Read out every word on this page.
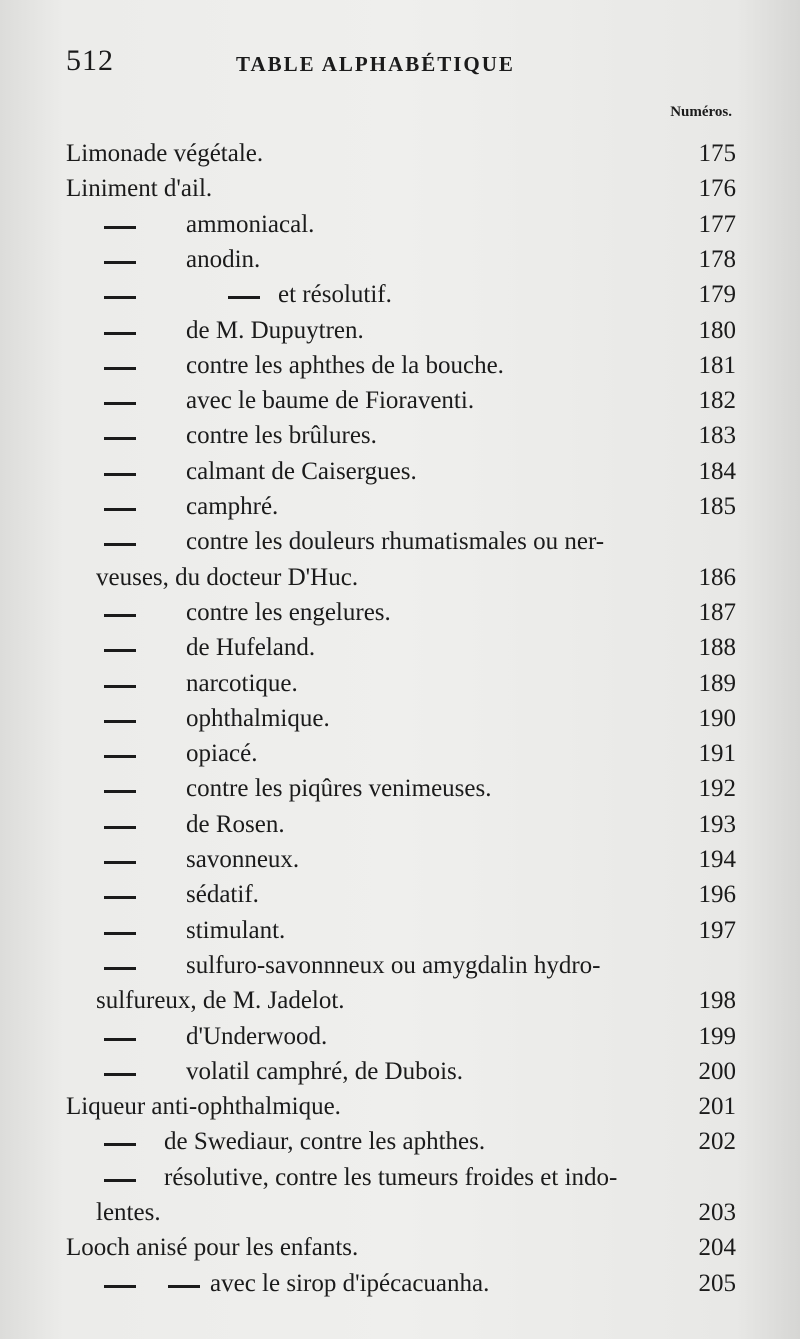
512	TABLE ALPHABÉTIQUE
Numéros.
Limonade végétale.	175
Liniment d'ail.	176
ammoniacal.	177
anodin.	178
et résolutif.	179
de M. Dupuytren.	180
contre les aphthes de la bouche.	181
avec le baume de Fioraventi.	182
contre les brûlures.	183
calmant de Caisergues.	184
camphré.	185
contre les douleurs rhumatismales ou ner-
veuses, du docteur D'Huc.	186
contre les engelures.	187
de Hufeland.	188
narcotique.	189
ophthalmique.	190
opiacé.	191
contre les piqûres venimeuses.	192
de Rosen.	193
savonneux.	194
sédatif.	196
stimulant.	197
sulfuro-savonnneux ou amygdalin hydro-
sulfureux, de M. Jadelot.	198
d'Underwood.	199
volatil camphré, de Dubois.	200
Liqueur anti-ophthalmique.	201
de Swediaur, contre les aphthes.	202
résolutive, contre les tumeurs froides et indo-
lentes.	203
Looch anisé pour les enfants.	204
avec le sirop d'ipécacuanha.	205
